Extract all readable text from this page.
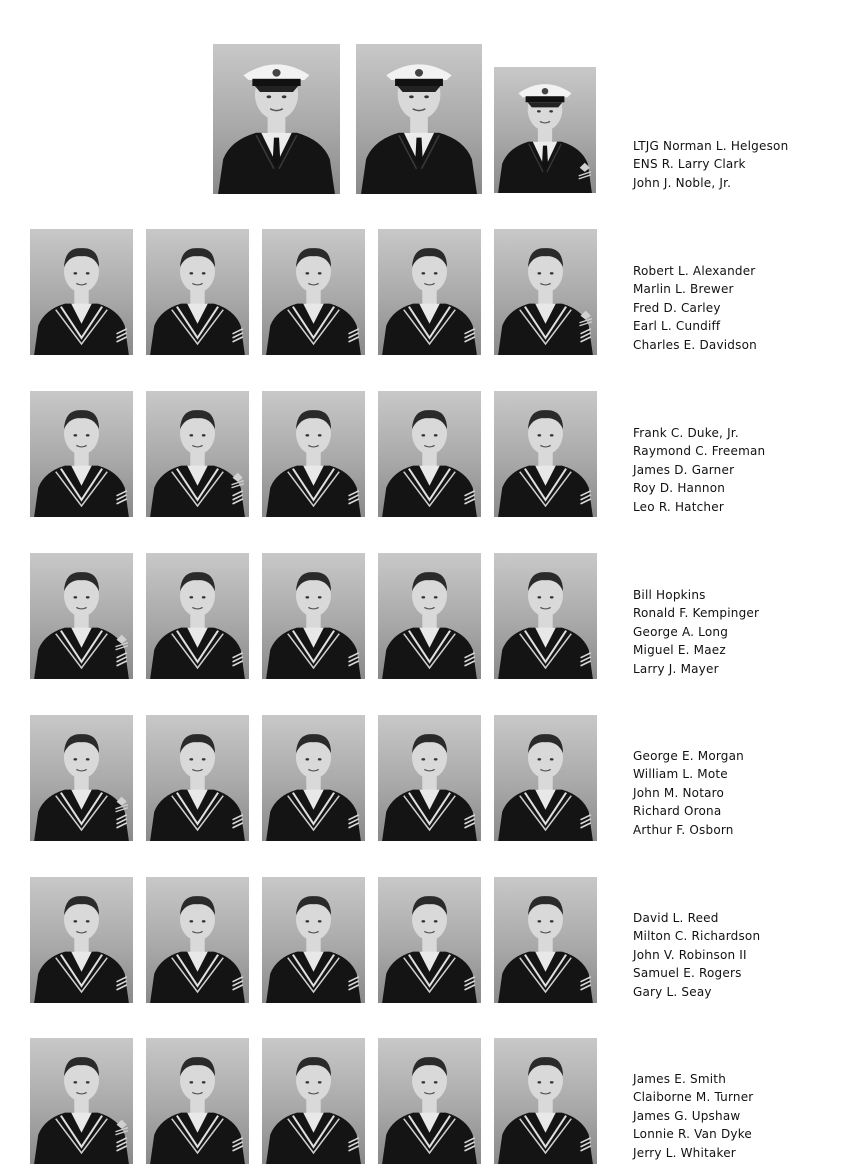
LTJG Norman L. Helgeson
ENS R. Larry Clark
John J. Noble, Jr.
Robert L. Alexander
Marlin L. Brewer
Fred D. Carley
Earl L. Cundiff
Charles E. Davidson
Frank C. Duke, Jr.
Raymond C. Freeman
James D. Garner
Roy D. Hannon
Leo R. Hatcher
Bill Hopkins
Ronald F. Kempinger
George A. Long
Miguel E. Maez
Larry J. Mayer
George E. Morgan
William L. Mote
John M. Notaro
Richard Orona
Arthur F. Osborn
David L. Reed
Milton C. Richardson
John V. Robinson II
Samuel E. Rogers
Gary L. Seay
James E. Smith
Claiborne M. Turner
James G. Upshaw
Lonnie R. Van Dyke
Jerry L. Whitaker
